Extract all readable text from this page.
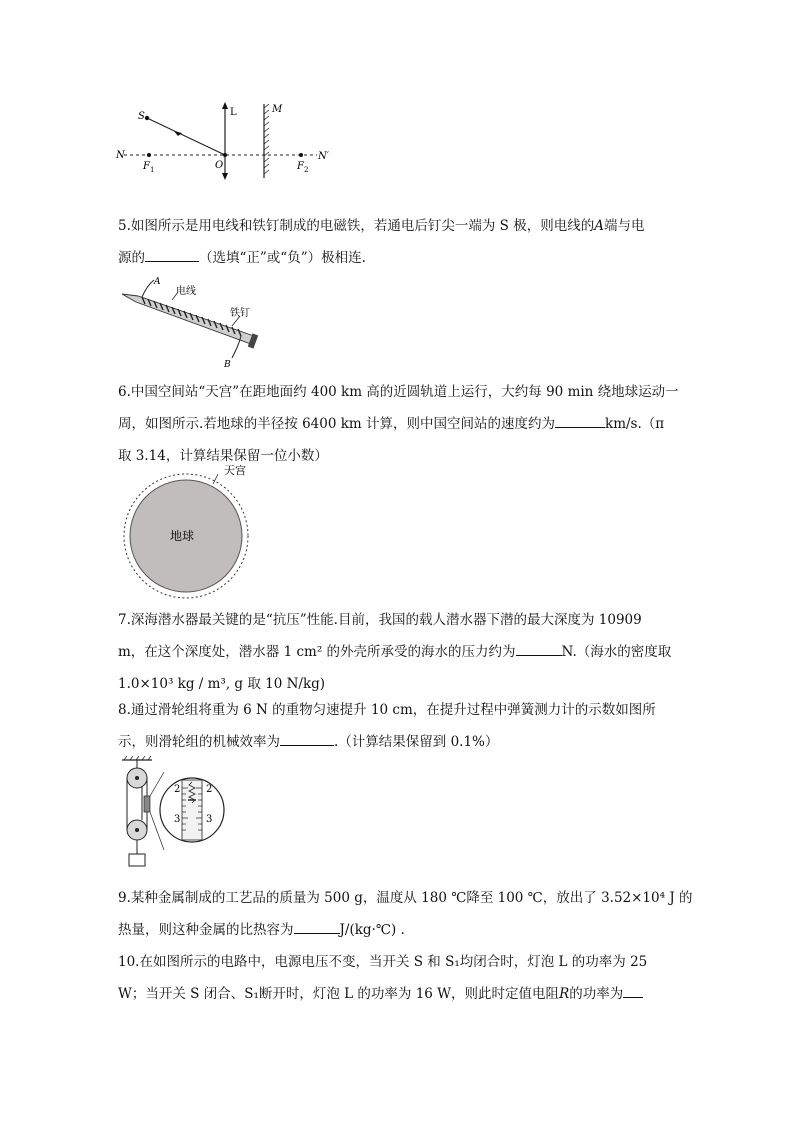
S	L	M
N
O
F 1	F 2
N′

5.如图所示是用电线和铁钉制成的电磁铁，若通电后钉尖一端为 S 极，则电线的A端与电

源的	（选填“正”或“负”）极相连.

A
电线
铁钉
B

6.中国空间站“天宫”在距地面约 400 km 高的近圆轨道上运行，大约每 90 min 绕地球运动一

周，如图所示.若地球的半径按 6400 km 计算，则中国空间站的速度约为	km/s.（π

取 3.14，计算结果保留一位小数）

天宫
地球

7.深海潜水器最关键的是“抗压”性能.目前，我国的载人潜水器下潜的最大深度为 10909

m，在这个深度处，潜水器 1 cm² 的外壳所承受的海水的压力约为	N.（海水的密度取

1.0×10³ kg / m³, g 取 10 N/kg)

8.通过滑轮组将重为 6 N 的重物匀速提升 10 cm，在提升过程中弹簧测力计的示数如图所

示，则滑轮组的机械效率为	.（计算结果保留到 0.1%）

2	2
3	3

9.某种金属制成的工艺品的质量为 500 g，温度从 180 ℃降至 100 ℃，放出了 3.52×10⁴ J 的

热量，则这种金属的比热容为	J/(kg·℃) .

10.在如图所示的电路中，电源电压不变，当开关 S 和 S₁均闭合时，灯泡 L 的功率为 25

W；当开关 S 闭合、S₁断开时，灯泡 L 的功率为 16 W，则此时定值电阻R的功率为
